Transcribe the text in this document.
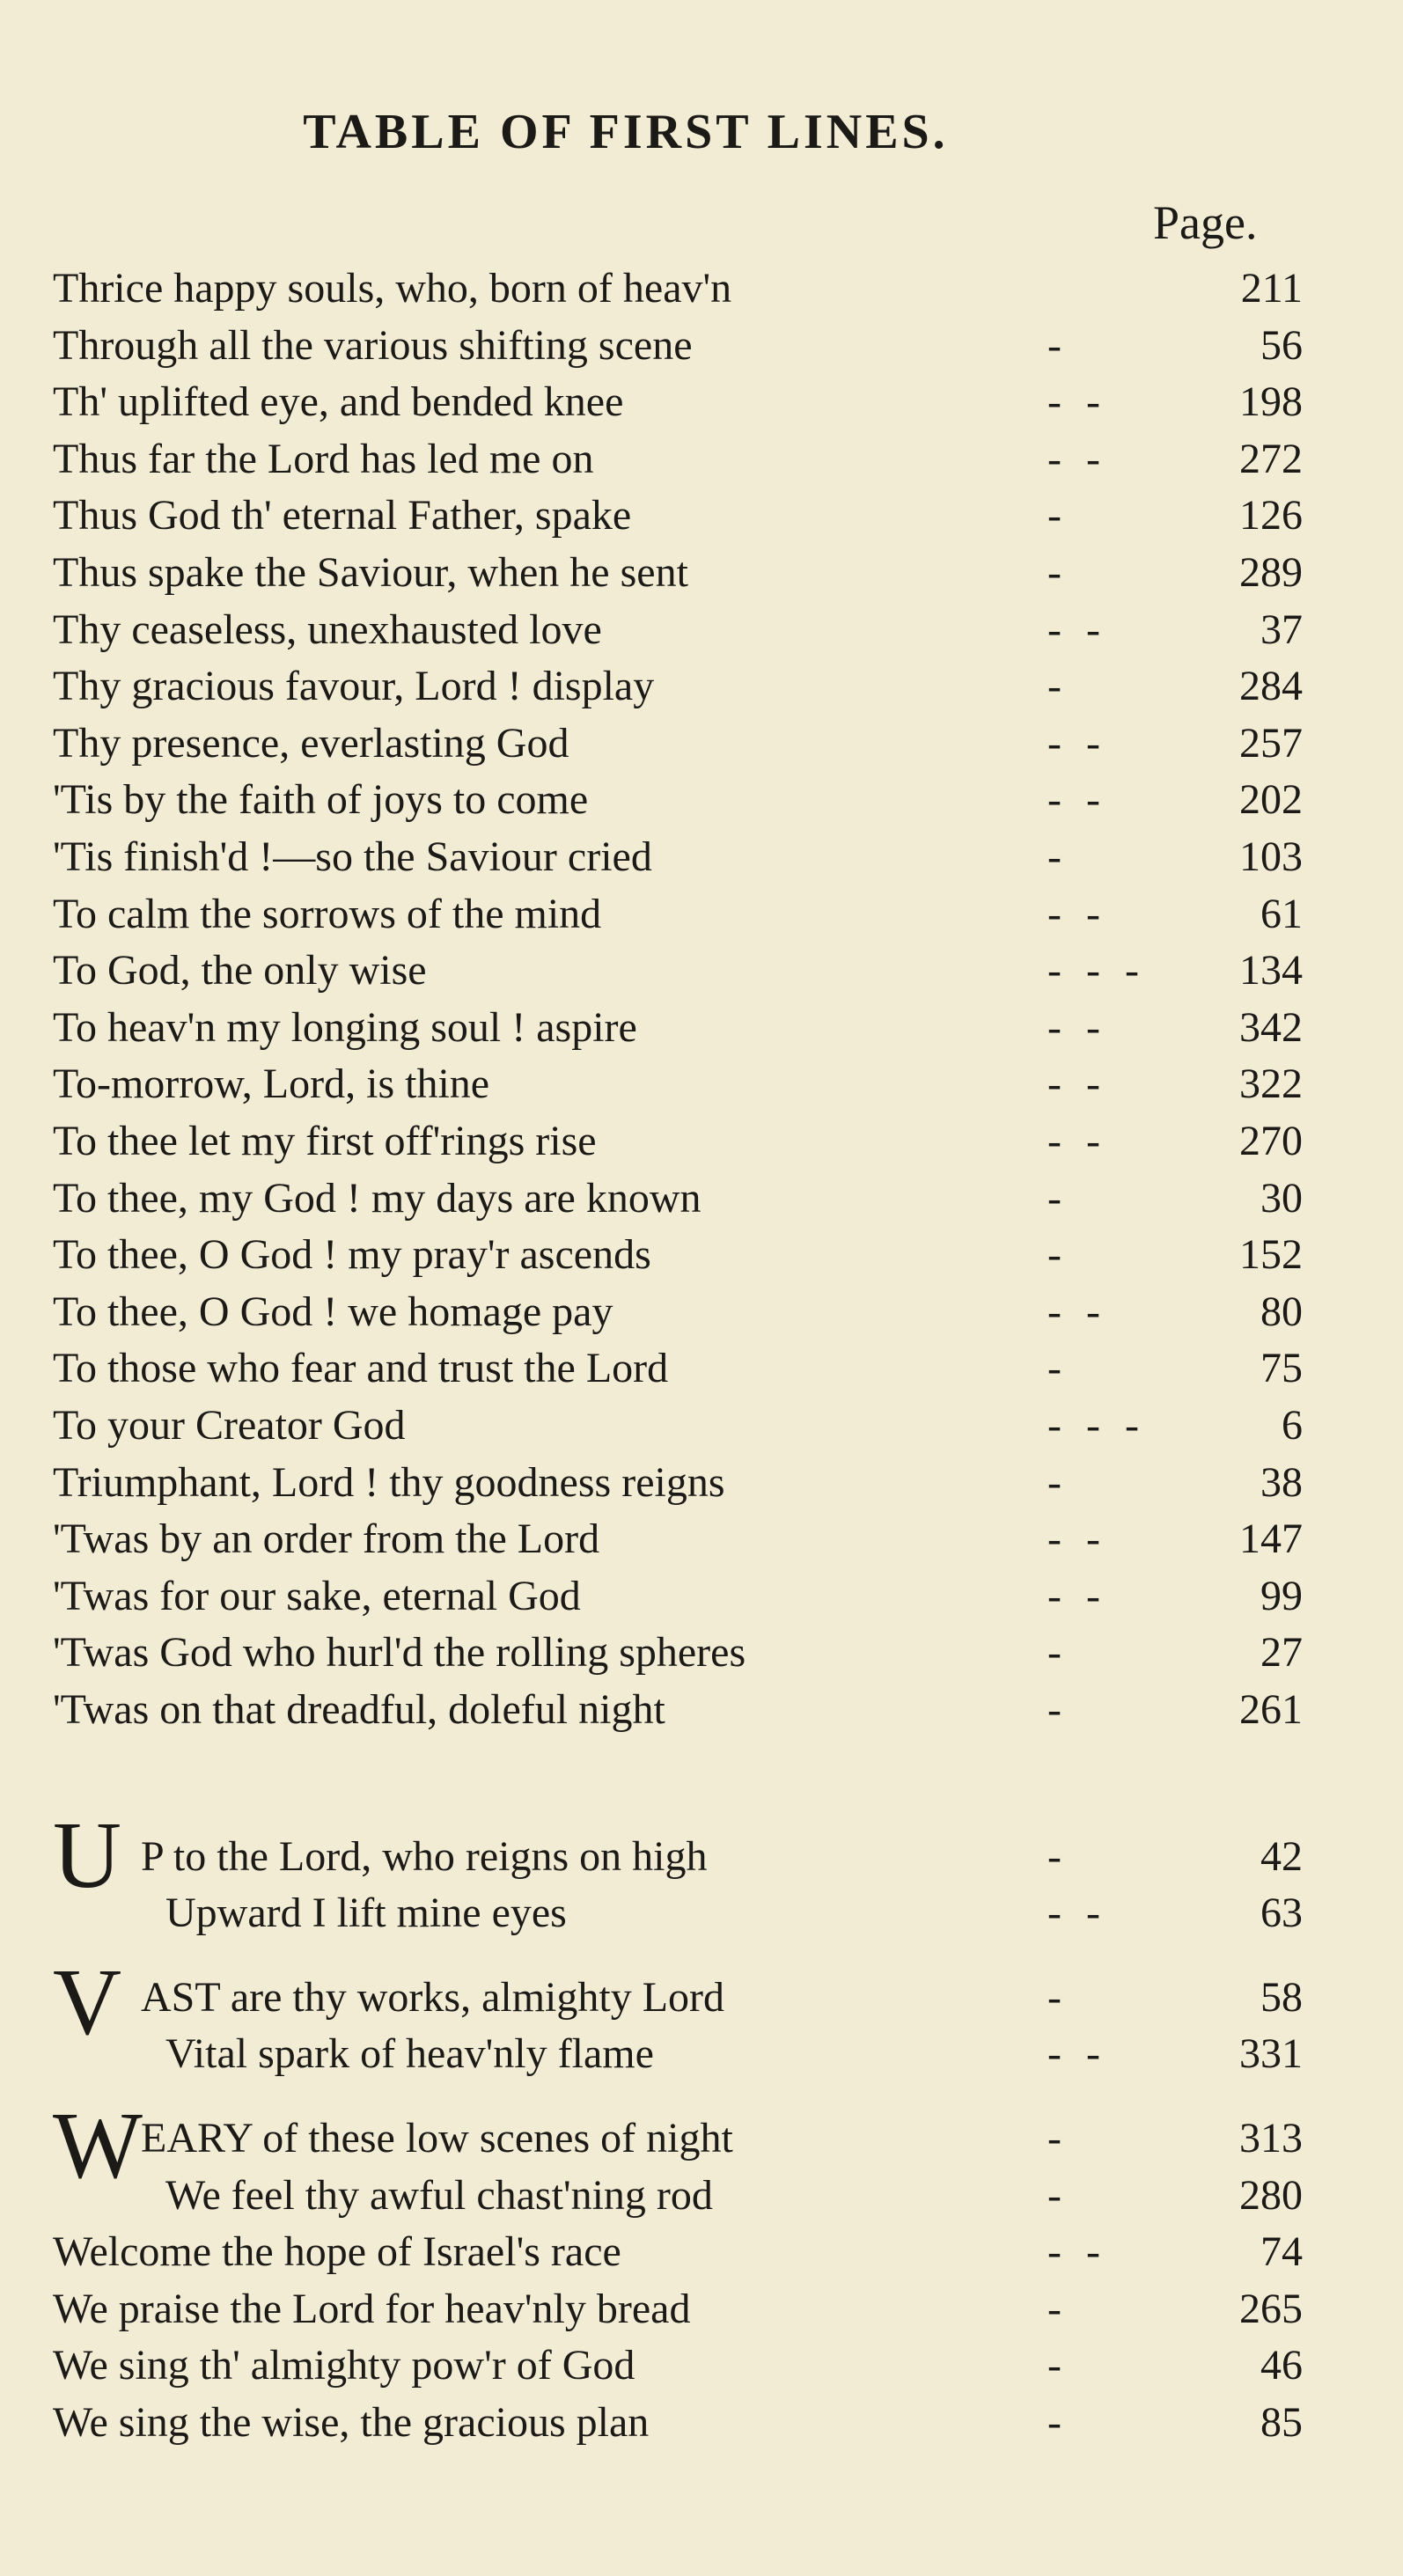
TABLE OF FIRST LINES.
Page.
Thrice happy souls, who, born of heav'n	211
Through all the various shifting scene	-	56
Th' uplifted eye, and bended knee	- -	198
Thus far the Lord has led me on	- -	272
Thus God th' eternal Father, spake	-	126
Thus spake the Saviour, when he sent	-	289
Thy ceaseless, unexhausted love	- -	37
Thy gracious favour, Lord ! display	-	284
Thy presence, everlasting God	- -	257
'Tis by the faith of joys to come	- -	202
'Tis finish'd !—so the Saviour cried	-	103
To calm the sorrows of the mind	- -	61
To God, the only wise	- - -	134
To heav'n my longing soul ! aspire	- -	342
To-morrow, Lord, is thine	- -	322
To thee let my first off'rings rise	- -	270
To thee, my God ! my days are known	-	30
To thee, O God ! my pray'r ascends	-	152
To thee, O God ! we homage pay	- -	80
To those who fear and trust the Lord	-	75
To your Creator God	- - -	6
Triumphant, Lord ! thy goodness reigns	-	38
'Twas by an order from the Lord	- -	147
'Twas for our sake, eternal God	- -	99
'Twas God who hurl'd the rolling spheres	-	27
'Twas on that dreadful, doleful night	-	261
U P to the Lord, who reigns on high	-	42
Upward I lift mine eyes	- -	63
V AST are thy works, almighty Lord	-	58
Vital spark of heav'nly flame	- -	331
W
EARY of these low scenes of night	-	313
We feel thy awful chast'ning rod	-	280
Welcome the hope of Israel's race	- -	74
We praise the Lord for heav'nly bread	-	265
We sing th' almighty pow'r of God	-	46
We sing the wise, the gracious plan	-	85
